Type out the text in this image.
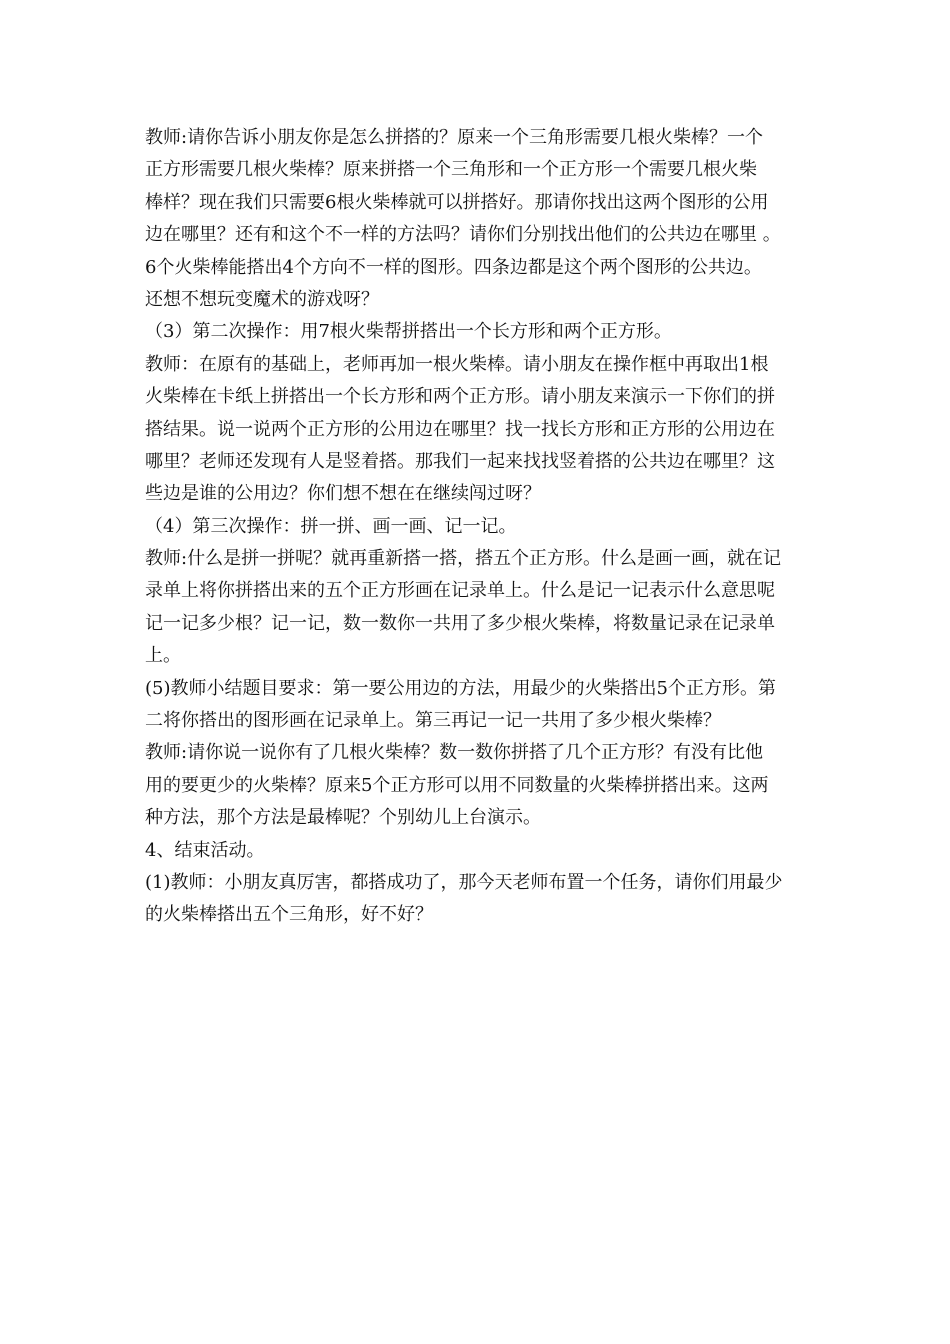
教师:请你告诉小朋友你是怎么拼搭的？原来一个三角形需要几根火柴棒？一个
正方形需要几根火柴棒？原来拼搭一个三角形和一个正方形一个需要几根火柴
棒样？现在我们只需要6根火柴棒就可以拼搭好。那请你找出这两个图形的公用
边在哪里？还有和这个不一样的方法吗？请你们分别找出他们的公共边在哪里 。
6个火柴棒能搭出4个方向不一样的图形。四条边都是这个两个图形的公共边。
还想不想玩变魔术的游戏呀？
（3）第二次操作：用7根火柴帮拼搭出一个长方形和两个正方形。
教师：在原有的基础上，老师再加一根火柴棒。请小朋友在操作框中再取出1根
火柴棒在卡纸上拼搭出一个长方形和两个正方形。请小朋友来演示一下你们的拼
搭结果。说一说两个正方形的公用边在哪里？找一找长方形和正方形的公用边在
哪里？老师还发现有人是竖着搭。那我们一起来找找竖着搭的公共边在哪里？这
些边是谁的公用边？你们想不想在在继续闯过呀？
（4）第三次操作：拼一拼、画一画、记一记。
教师:什么是拼一拼呢？就再重新搭一搭，搭五个正方形。什么是画一画，就在记
录单上将你拼搭出来的五个正方形画在记录单上。什么是记一记表示什么意思呢
记一记多少根？记一记，数一数你一共用了多少根火柴棒，将数量记录在记录单
上。
(5)教师小结题目要求：第一要公用边的方法，用最少的火柴搭出5个正方形。第
二将你搭出的图形画在记录单上。第三再记一记一共用了多少根火柴棒？
教师:请你说一说你有了几根火柴棒？数一数你拼搭了几个正方形？有没有比他
用的要更少的火柴棒？原来5个正方形可以用不同数量的火柴棒拼搭出来。这两
种方法，那个方法是最棒呢？个别幼儿上台演示。
4、结束活动。
(1)教师：小朋友真厉害，都搭成功了，那今天老师布置一个任务，请你们用最少
的火柴棒搭出五个三角形，好不好？
